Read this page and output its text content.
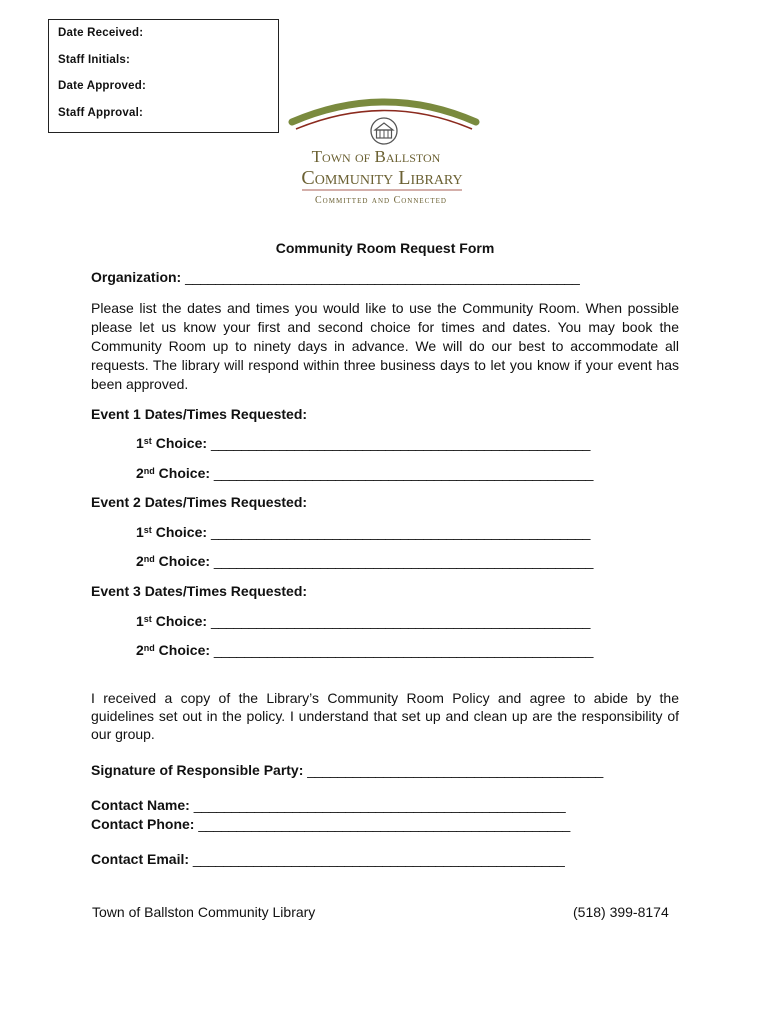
Date Received:
Staff Initials:
Date Approved:
Staff Approval:
Town of Ballston
Community Library
Committed and Connected
Community Room Request Form
Organization: ____________________________________________________
Please list the dates and times you would like to use the Community Room. When possible please let us know your first and second choice for times and dates. You may book the Community Room up to ninety days in advance. We will do our best to accommodate all requests. The library will respond within three business days to let you know if your event has been approved.
Event 1 Dates/Times Requested:
1st Choice: __________________________________________________
2nd Choice: __________________________________________________
Event 2 Dates/Times Requested:
1st Choice: __________________________________________________
2nd Choice: __________________________________________________
Event 3 Dates/Times Requested:
1st Choice: __________________________________________________
2nd Choice: __________________________________________________
I received a copy of the Library’s Community Room Policy and agree to abide by the guidelines set out in the policy. I understand that set up and clean up are the responsibility of our group.
Signature of Responsible Party: _______________________________________
Contact Name: _________________________________________________
Contact Phone: _________________________________________________
Contact Email: _________________________________________________
Town of Ballston Community Library	(518) 399-8174
